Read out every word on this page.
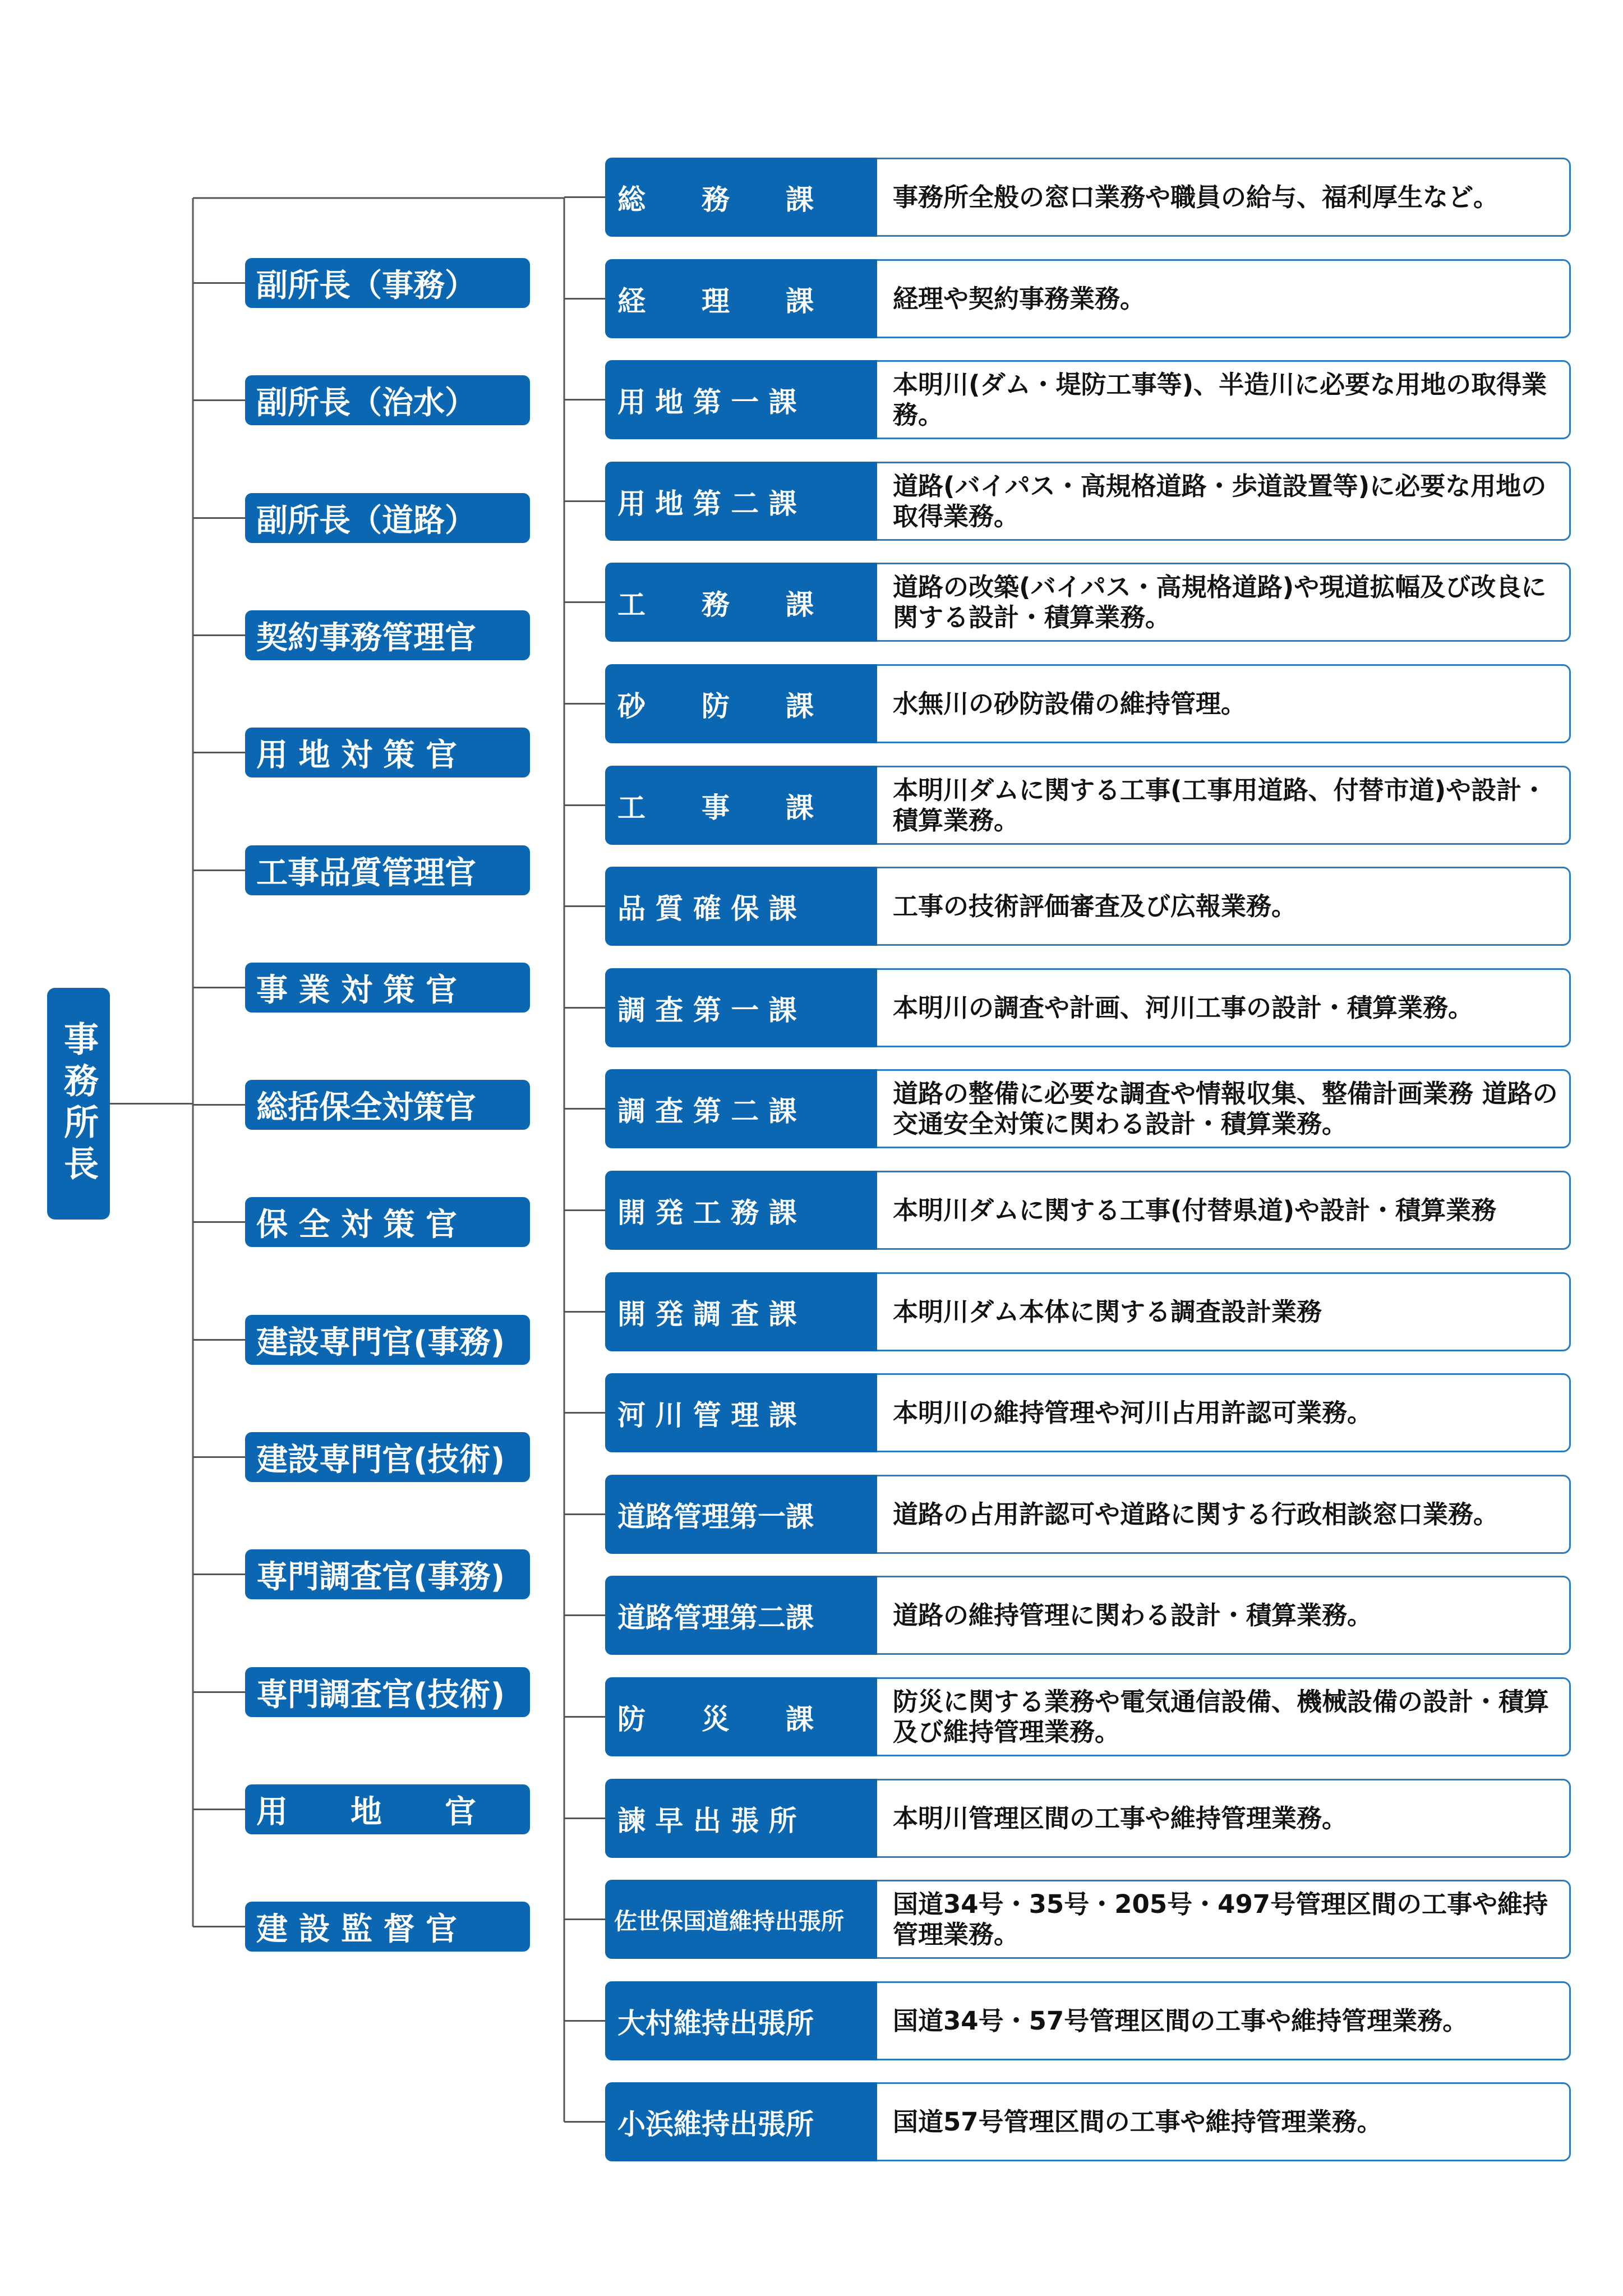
事務所長
副所長（事務）
副所長（治水）
副所長（道路）
契約事務管理官
用 地 対 策 官
工事品質管理官
事 業 対 策 官
総括保全対策官
保 全 対 策 官
建設専門官(事務)
建設専門官(技術)
専門調査官(事務)
専門調査官(技術)
用　　地　　官
建 設 監 督 官
事務所全般の窓口業務や職員の給与、福利厚生など。
総　　務　　課
経理や契約事務業務。
経　　理　　課
本明川(ダム・堤防工事等)、半造川に必要な用地の取得業務。
用 地 第 一 課
道路(バイパス・高規格道路・歩道設置等)に必要な用地の取得業務。
用 地 第 二 課
道路の改築(バイパス・高規格道路)や現道拡幅及び改良に関する設計・積算業務。
工　　務　　課
水無川の砂防設備の維持管理。
砂　　防　　課
本明川ダムに関する工事(工事用道路、付替市道)や設計・積算業務。
工　　事　　課
工事の技術評価審査及び広報業務。
品 質 確 保 課
本明川の調査や計画、河川工事の設計・積算業務。
調 査 第 一 課
道路の整備に必要な調査や情報収集、整備計画業務 道路の交通安全対策に関わる設計・積算業務。
調 査 第 二 課
本明川ダムに関する工事(付替県道)や設計・積算業務
開 発 工 務 課
本明川ダム本体に関する調査設計業務
開 発 調 査 課
本明川の維持管理や河川占用許認可業務。
河 川 管 理 課
道路の占用許認可や道路に関する行政相談窓口業務。
道路管理第一課
道路の維持管理に関わる設計・積算業務。
道路管理第二課
防災に関する業務や電気通信設備、機械設備の設計・積算及び維持管理業務。
防　　災　　課
本明川管理区間の工事や維持管理業務。
諫 早 出 張 所
国道34号・35号・205号・497号管理区間の工事や維持管理業務。
佐世保国道維持出張所
国道34号・57号管理区間の工事や維持管理業務。
大村維持出張所
国道57号管理区間の工事や維持管理業務。
小浜維持出張所
